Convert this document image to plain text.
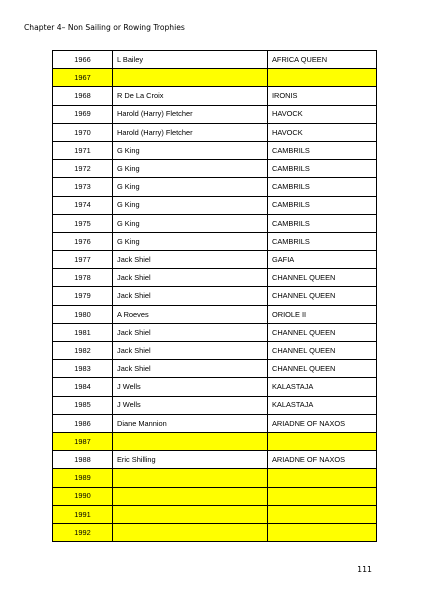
Chapter 4– Non Sailing or Rowing Trophies
1966	L Bailey	AFRICA QUEEN
1967		
1968	R De La Croix	IRONIS
1969	Harold (Harry) Fletcher	HAVOCK
1970	Harold (Harry) Fletcher	HAVOCK
1971	G King	CAMBRILS
1972	G King	CAMBRILS
1973	G King	CAMBRILS
1974	G King	CAMBRILS
1975	G King	CAMBRILS
1976	G King	CAMBRILS
1977	Jack Shiel	GAFIA
1978	Jack Shiel	CHANNEL QUEEN
1979	Jack Shiel	CHANNEL QUEEN
1980	A Roeves	ORIOLE II
1981	Jack Shiel	CHANNEL QUEEN
1982	Jack Shiel	CHANNEL QUEEN
1983	Jack Shiel	CHANNEL QUEEN
1984	J Wells	KALASTAJA
1985	J Wells	KALASTAJA
1986	Diane Mannion	ARIADNE OF NAXOS
1987		
1988	Eric Shilling	ARIADNE OF NAXOS
1989		
1990		
1991		
1992		
111
